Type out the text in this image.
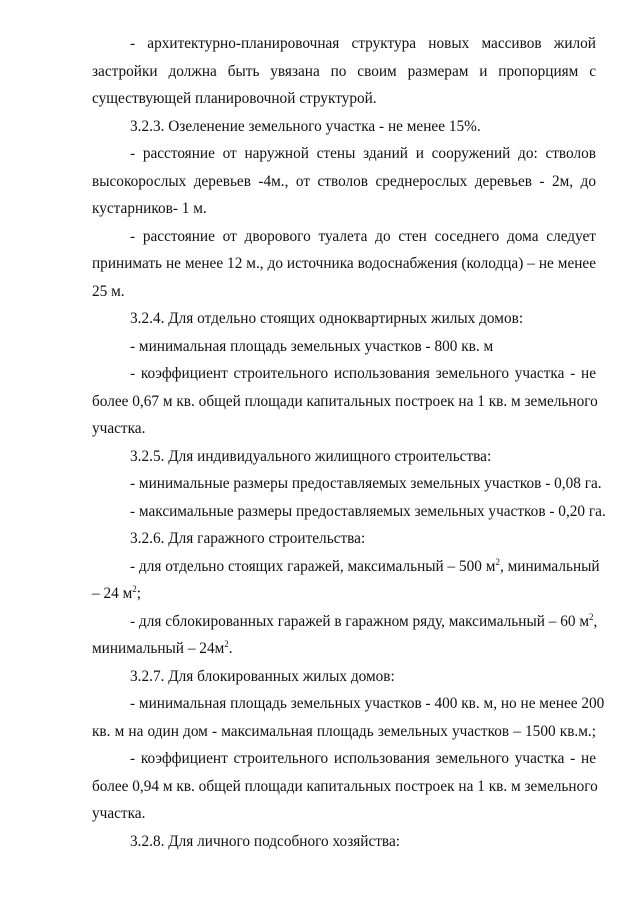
- архитектурно-планировочная структура новых массивов жилой
застройки должна быть увязана по своим размерам и пропорциям с
существующей планировочной структурой.
3.2.3. Озеленение земельного участка - не менее 15%.
- расстояние от наружной стены зданий и сооружений до: стволов
высокорослых деревьев -4м., от стволов среднерослых деревьев - 2м, до
кустарников- 1 м.
- расстояние от дворового туалета до стен соседнего дома следует
принимать не менее 12 м., до источника водоснабжения (колодца) – не менее
25 м.
3.2.4. Для отдельно стоящих одноквартирных жилых домов:
- минимальная площадь земельных участков - 800 кв. м
- коэффициент строительного использования земельного участка - не
более 0,67 м кв. общей площади капитальных построек на 1 кв. м земельного
участка.
3.2.5. Для индивидуального жилищного строительства:
- минимальные размеры предоставляемых земельных участков - 0,08 га.
- максимальные размеры предоставляемых земельных участков - 0,20 га.
3.2.6. Для гаражного строительства:
- для отдельно стоящих гаражей, максимальный – 500 $м^2$, минимальный
– 24 $м^2$;
- для сблокированных гаражей в гаражном ряду, максимальный – 60 $м^2$,
минимальный – $24м^2$.
3.2.7. Для блокированных жилых домов:
- минимальная площадь земельных участков - 400 кв. м, но не менее 200
кв. м на один дом - максимальная площадь земельных участков – 1500 кв.м.;
- коэффициент строительного использования земельного участка - не
более 0,94 м кв. общей площади капитальных построек на 1 кв. м земельного
участка.
3.2.8. Для личного подсобного хозяйства:
